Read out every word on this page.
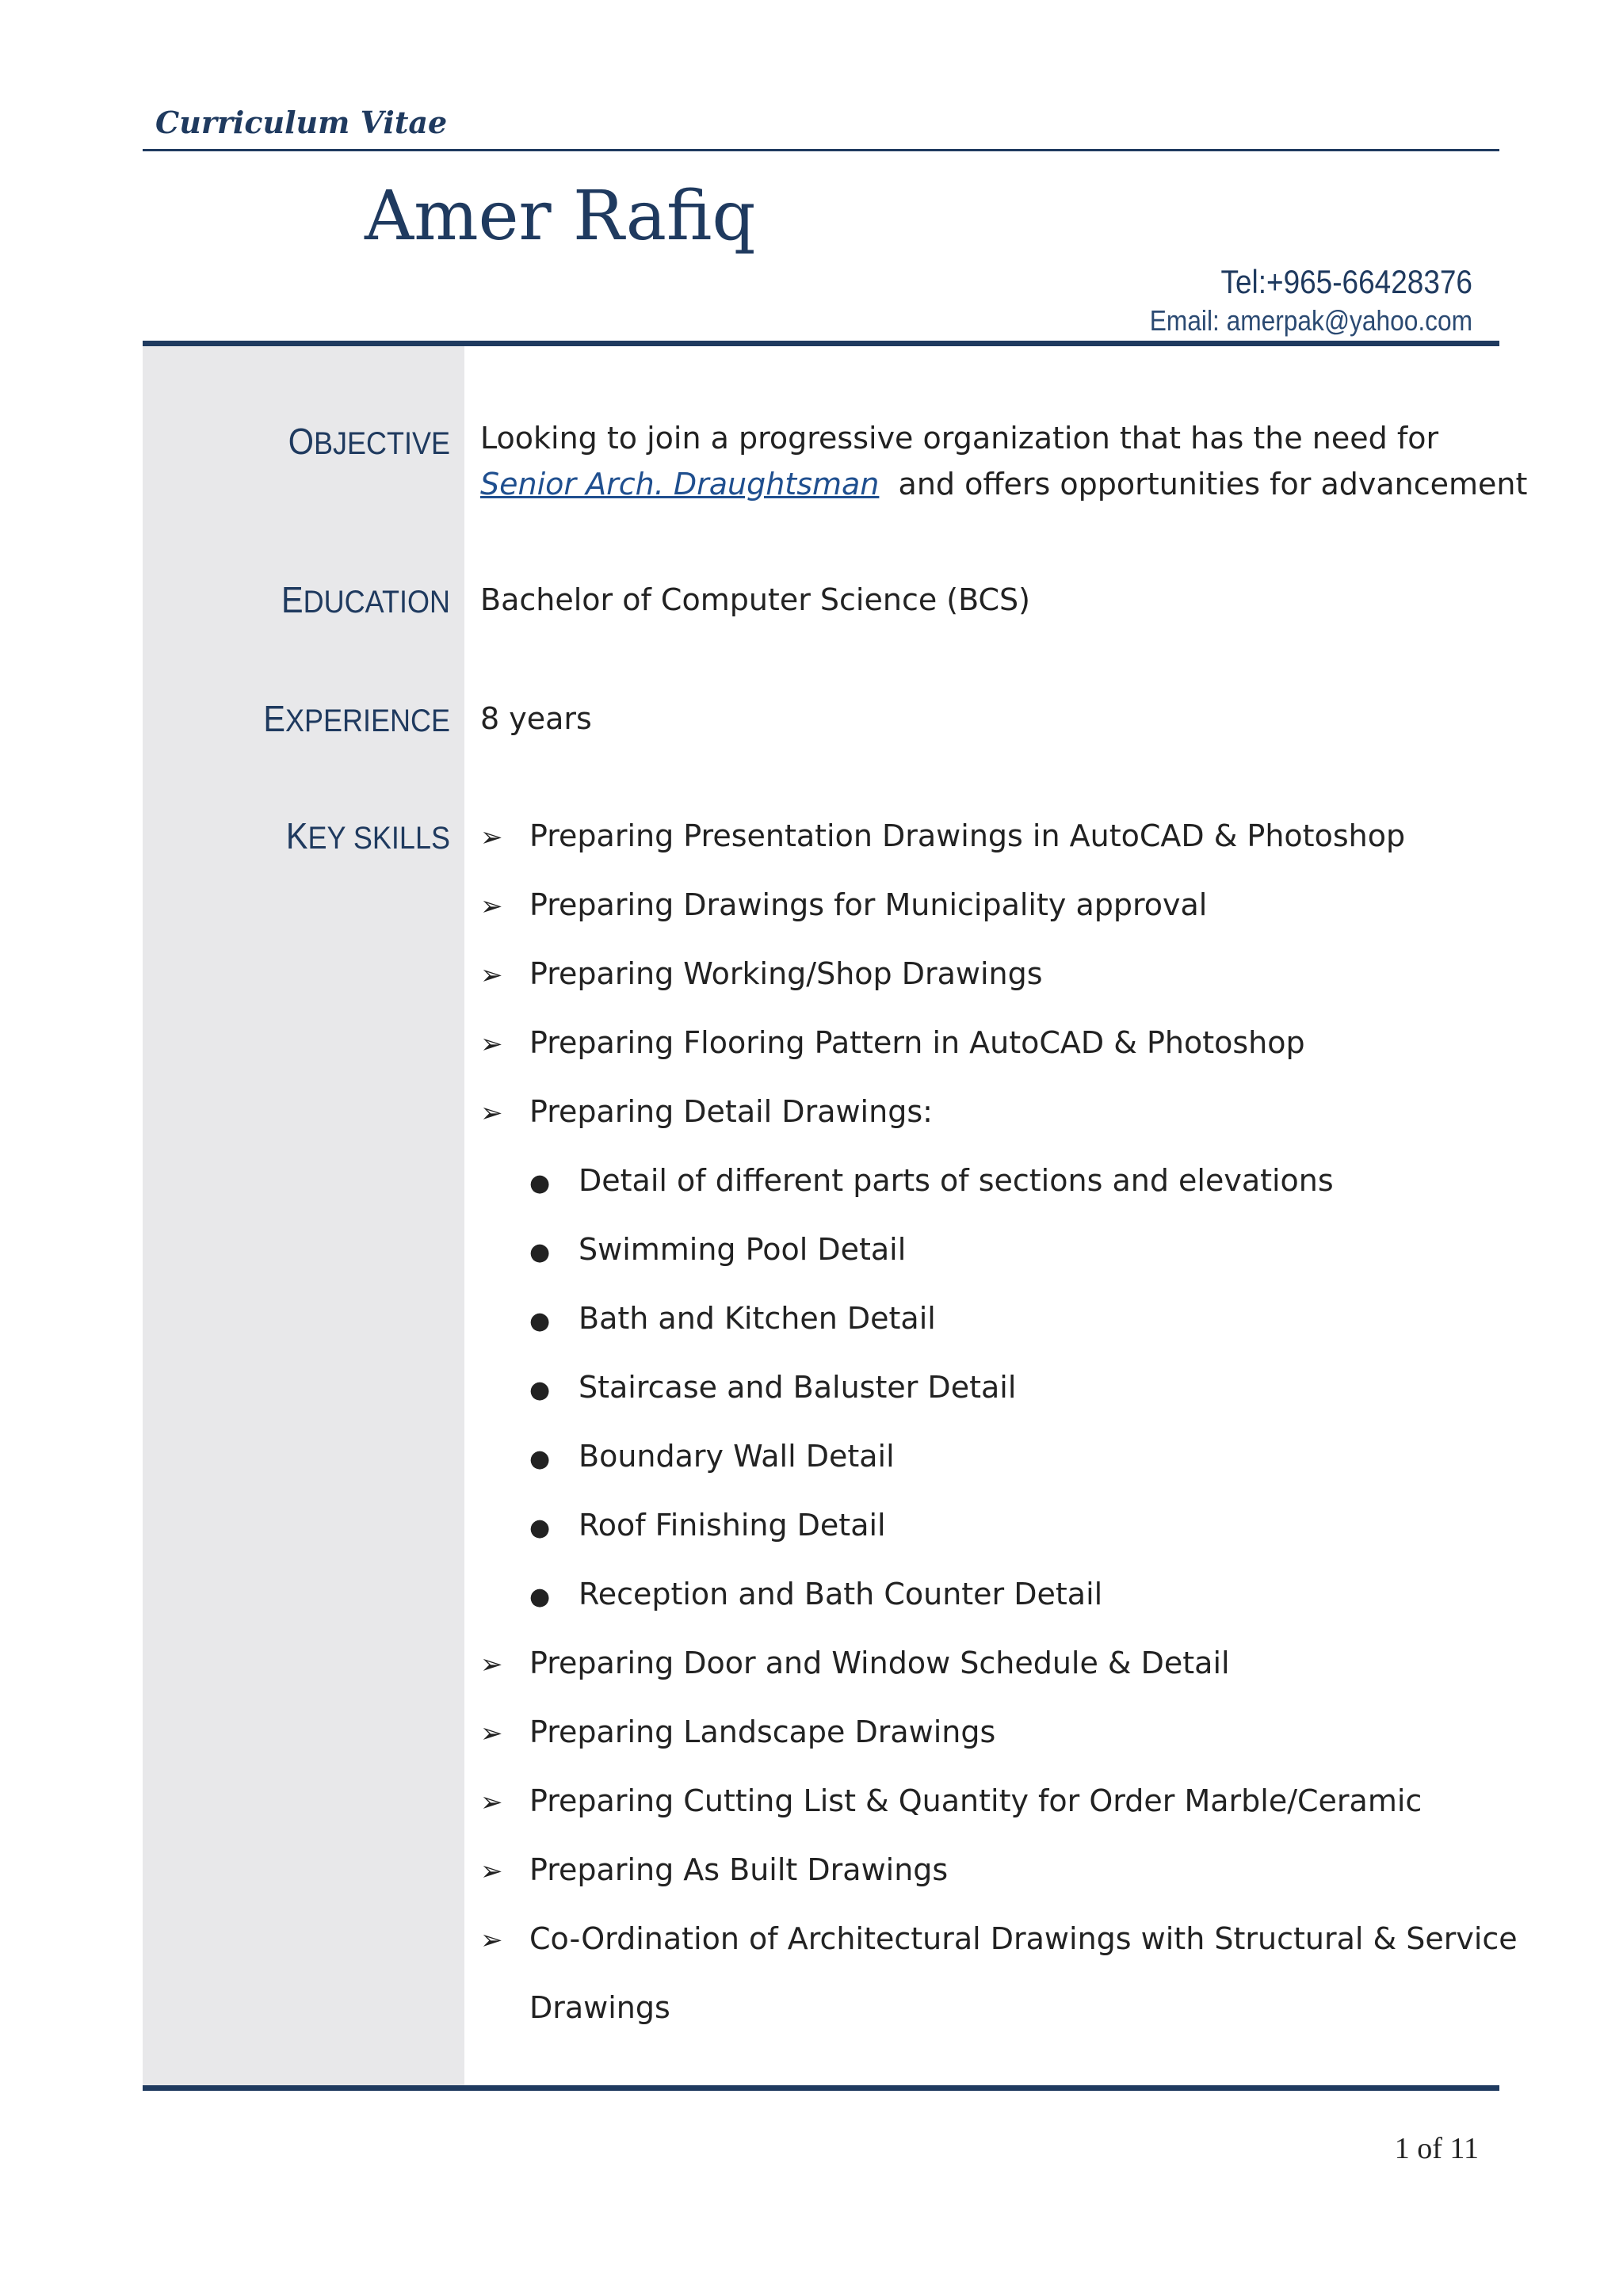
Curriculum Vitae
Amer Rafiq
Tel:+965-66428376
Email: amerpak@yahoo.com
OBJECTIVE Looking to join a progressive organization that has the need for
Senior Arch. Draughtsman  and offers opportunities for advancement
EDUCATION Bachelor of Computer Science (BCS)
EXPERIENCE 8 years
KEY SKILLS ➢ Preparing Presentation Drawings in AutoCAD & Photoshop
➢ Preparing Drawings for Municipality approval
➢ Preparing Working/Shop Drawings
➢ Preparing Flooring Pattern in AutoCAD & Photoshop
➢ Preparing Detail Drawings:
● Detail of different parts of sections and elevations
● Swimming Pool Detail
● Bath and Kitchen Detail
● Staircase and Baluster Detail
● Boundary Wall Detail
● Roof Finishing Detail
● Reception and Bath Counter Detail
➢ Preparing Door and Window Schedule & Detail
➢ Preparing Landscape Drawings
➢ Preparing Cutting List & Quantity for Order Marble/Ceramic
➢ Preparing As Built Drawings
➢ Co-Ordination of Architectural Drawings with Structural & Service
Drawings
1 of 11
